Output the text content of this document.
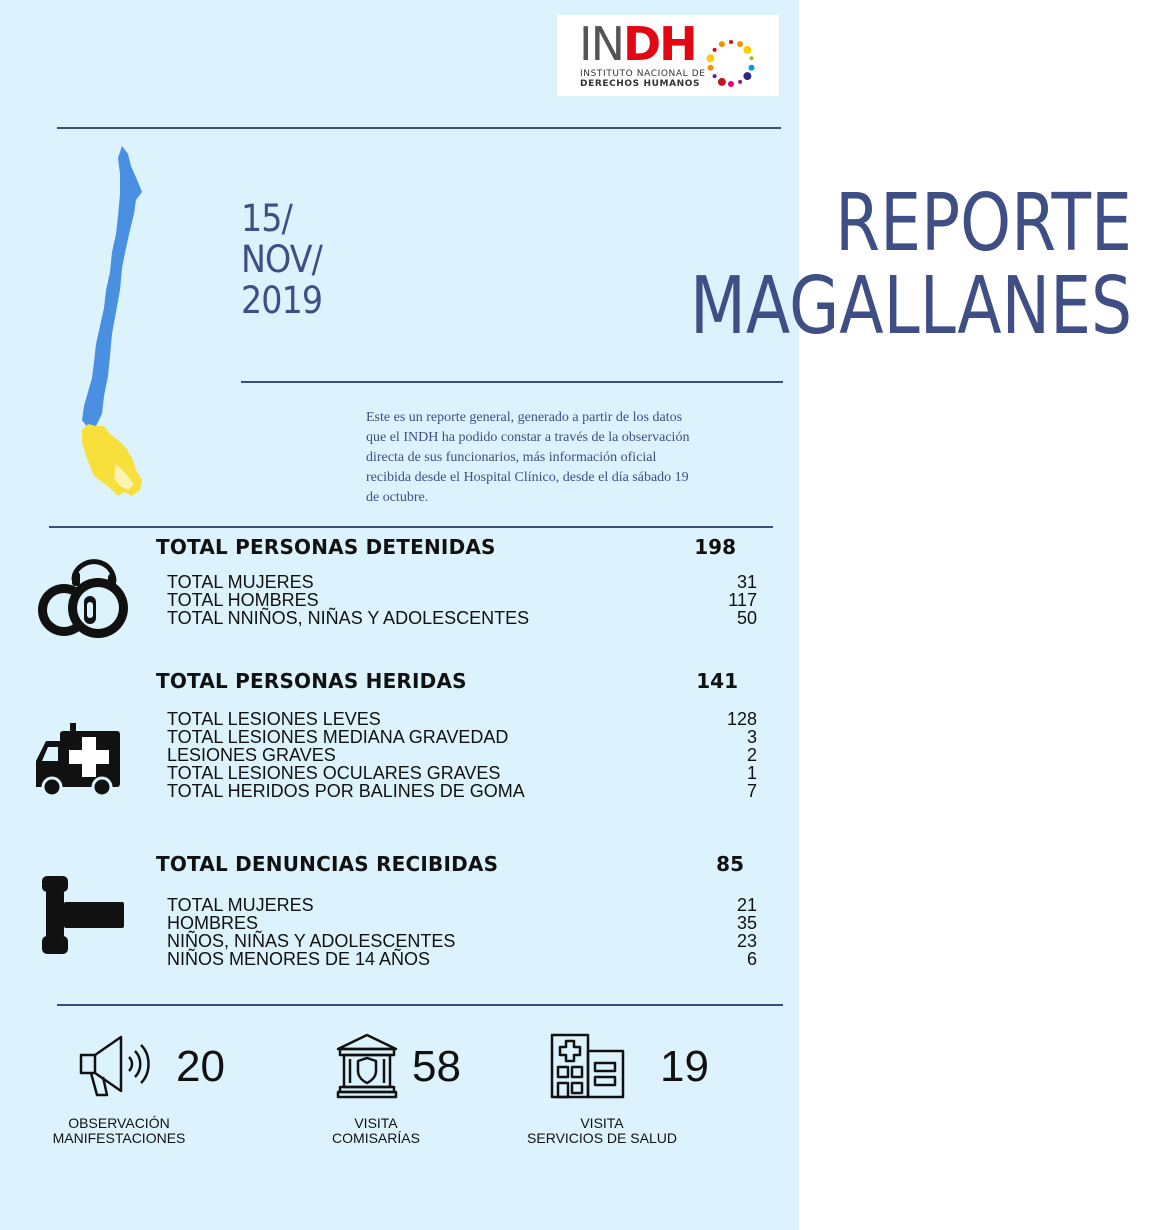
INDH
INSTITUTO NACIONAL DE
DERECHOS HUMANOS
15/
NOV/
2019
REPORTE
MAGALLANES
Este es un reporte general, generado a partir de los datos
que el INDH ha podido constar a través de la observación
directa de sus funcionarios, más información oficial
recibida desde el Hospital Clínico, desde el día sábado 19
de octubre.
TOTAL PERSONAS DETENIDAS	198
TOTAL MUJERES	31
TOTAL HOMBRES	117
TOTAL NNIÑOS, NIÑAS Y ADOLESCENTES	50
TOTAL PERSONAS HERIDAS	141
TOTAL LESIONES LEVES	128
TOTAL LESIONES MEDIANA GRAVEDAD	3
LESIONES GRAVES	2
TOTAL LESIONES OCULARES GRAVES	1
TOTAL HERIDOS POR BALINES DE GOMA	7
TOTAL DENUNCIAS RECIBIDAS	85
TOTAL MUJERES	21
HOMBRES	35
NIÑOS, NIÑAS Y ADOLESCENTES	23
NIÑOS MENORES DE 14 AÑOS	6
20
OBSERVACIÓN
MANIFESTACIONES
58
VISITA
COMISARÍAS
19
VISITA
SERVICIOS DE SALUD
